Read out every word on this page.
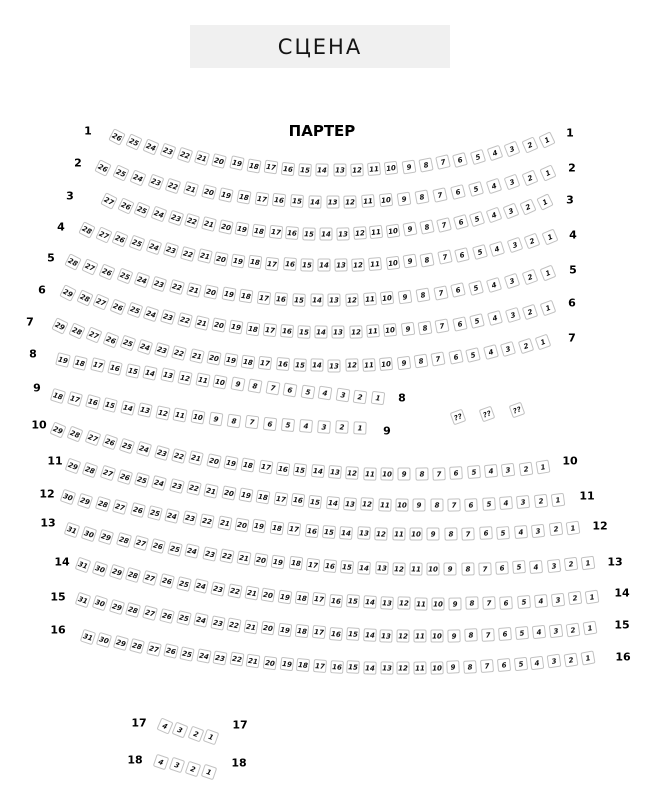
СЦЕНА
ПАРТЕР
1	1
26 25 24 23 22 21 20 19 18 17 16 15 14 13 12 11 10	9	8	7	6	5	4	3	2
1
2	2
26 25 24 23 22 21 20 19 18 17 16 15 14 13 12 11 10	9	8	7	6	5	4	3	2
1
3	3
27 26 25 24 23 22 21 20 19 18 17 16 15 14 13 12 11 10	9	8	7	6	5	4	3	2
1
4
4
28 27 26 25 24 23 22 21 20 19 18 17 16 15 14 13 12 11 10	9	8	7	6	5	4	3	2	1
5
5
28 27 26 25 24 23 22 21 20 19 18 17 16 15 14 13 12 11 10	9	8	7	6	5	4	3	2	1
6
6
29 28 27 26 25 24 23 22 21 20 19 18 17 16 15 14 13 12 11 10	9	8	7	6	5	4	3	2	1
7
7
29 28 27 26 25 24 23 22 21 20 19 18 17 16 15 14 13 12 11 10	9	8	7	6	5	4	3	2	1
8
8
19 18 17 16 15 14 13 12 11 10	9	8	7	6	5	4	3	2	1
9
9
18 17 16 15 14 13 12 11 10	9	8	7	6	5	4	3	2	1
10
10
29 28 27 26 25 24 23 22 21 20 19 18 17 16 15 14 13 12 11 10	9	8	7	6	5	4	3	2	1
11
11
29 28 27 26 25 24 23 22 21 20 19 18 17 16 15 14 13 12 11 10	9	8	7	6	5	4	3	2	1
12
12
30 29 28 27 26 25 24 23 22 21 20 19 18 17 16 15 14 13 12 11 10	9	8	7	6	5	4	3	2	1
13
13
31 30 29 28 27 26 25 24 23 22 21 20 19 18 17 16 15 14 13 12 11 10	9	8	7	6	5	4	3	2	1
14
14
31 30 29 28 27 26 25 24 23 22 21 20 19 18 17 16 15 14 13 12 11 10	9	8	7	6	5	4	3	2	1
15
15
31 30 29 28 27 26 25 24 23 22 21 20 19 18 17 16 15 14 13 12 11 10	9	8	7	6	5	4	3	2	1
16
16
31 30 29 28 27 26 25 24 23 22 21 20 19 18 17 16 15 14 13 12 11 10	9	8	7	6	5	4	3	2	1
17	17
4	3	2	1
18	18
4	3	2	1
??	??	??
